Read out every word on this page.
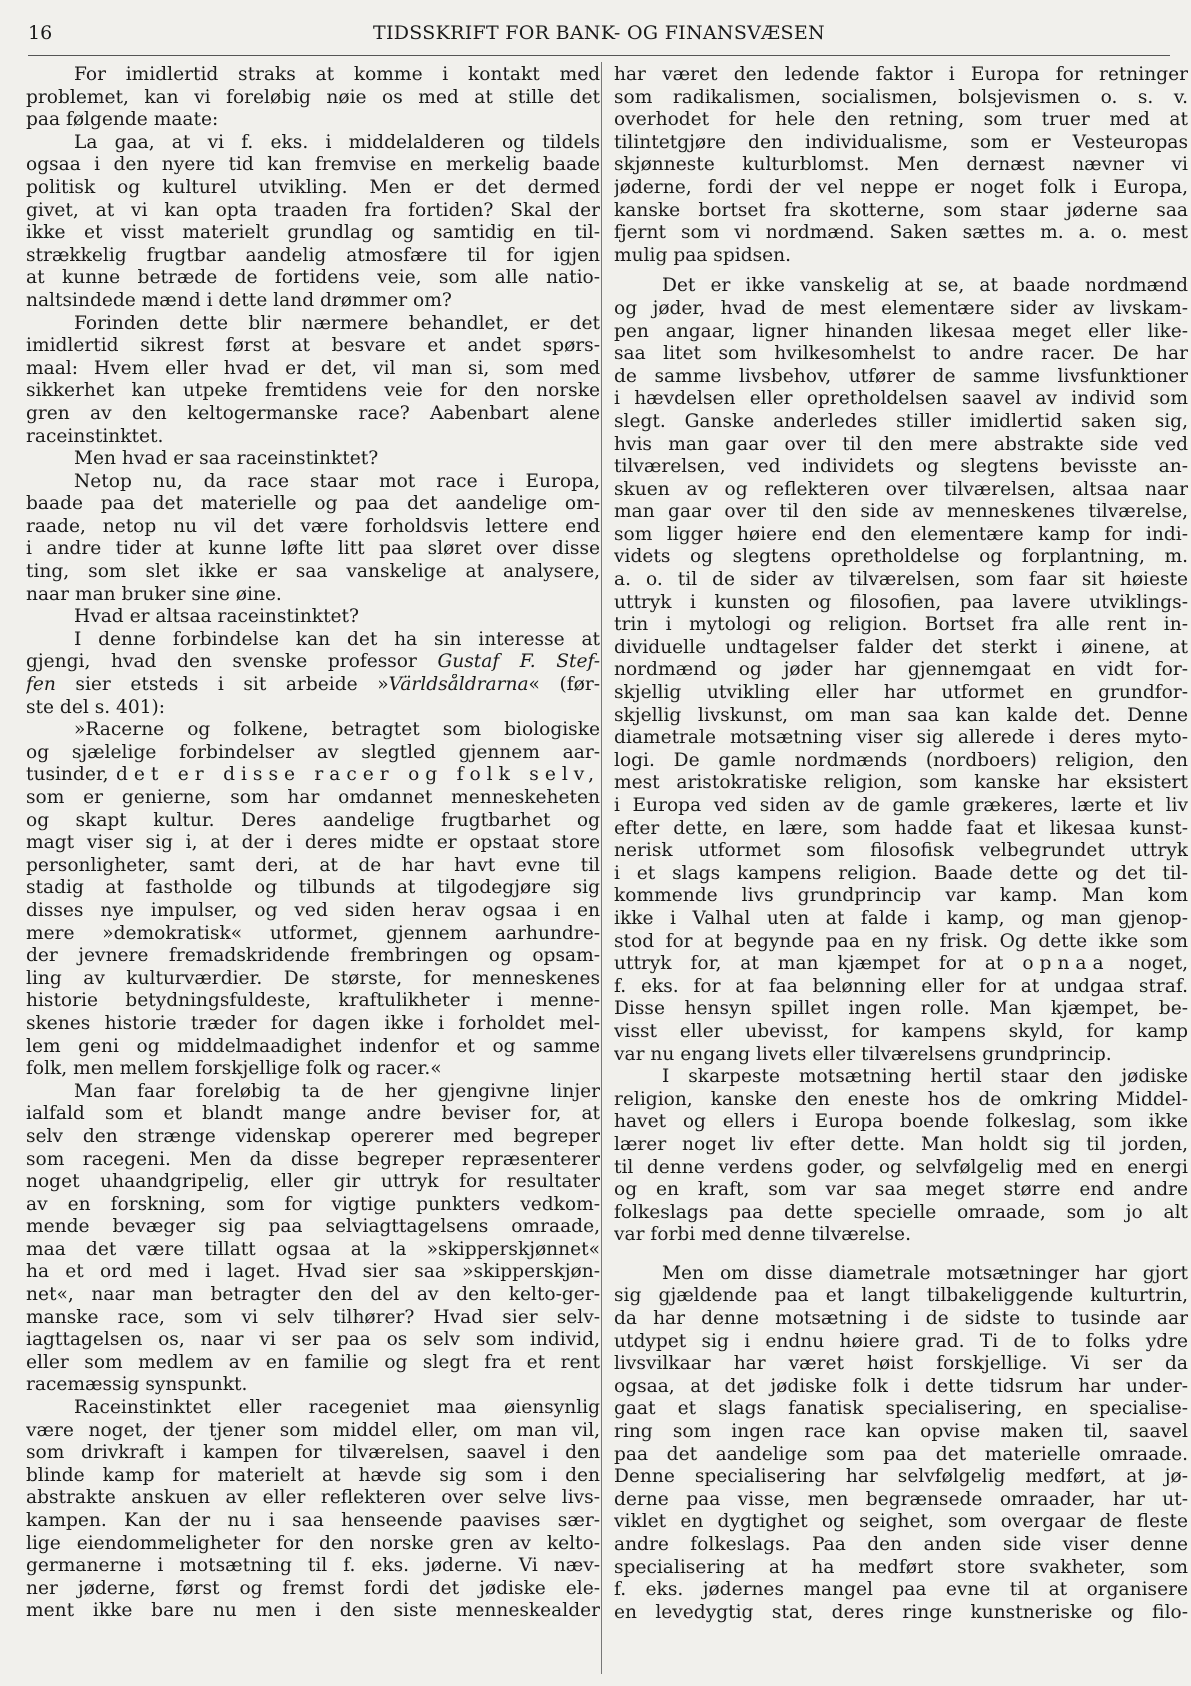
16	TIDSSKRIFT FOR BANK- OG FINANSVÆSEN
For imidlertid straks at komme i kontakt med
problemet, kan vi foreløbig nøie os med at stille det
paa følgende maate:
La gaa, at vi f. eks. i middelalderen og tildels
ogsaa i den nyere tid kan fremvise en merkelig baade
politisk og kulturel utvikling. Men er det dermed
givet, at vi kan opta traaden fra fortiden? Skal der
ikke et visst materielt grundlag og samtidig en til-
strækkelig frugtbar aandelig atmosfære til for igjen
at kunne betræde de fortidens veie, som alle natio-
naltsindede mænd i dette land drømmer om?
Forinden dette blir nærmere behandlet, er det
imidlertid sikrest først at besvare et andet spørs-
maal: Hvem eller hvad er det, vil man si, som med
sikkerhet kan utpeke fremtidens veie for den norske
gren av den keltogermanske race? Aabenbart alene
raceinstinktet.
Men hvad er saa raceinstinktet?
Netop nu, da race staar mot race i Europa,
baade paa det materielle og paa det aandelige om-
raade, netop nu vil det være forholdsvis lettere end
i andre tider at kunne løfte litt paa sløret over disse
ting, som slet ikke er saa vanskelige at analysere,
naar man bruker sine øine.
Hvad er altsaa raceinstinktet?
I denne forbindelse kan det ha sin interesse at
gjengi, hvad den svenske professor Gustaf F. Stef-
fen sier etsteds i sit arbeide »Världsåldrarna« (før-
ste del s. 401):
»Racerne og folkene, betragtet som biologiske
og sjælelige forbindelser av slegtled gjennem aar-
tusinder, det er disse racer og folk selv,
som er genierne, som har omdannet menneskeheten
og skapt kultur. Deres aandelige frugtbarhet og
magt viser sig i, at der i deres midte er opstaat store
personligheter, samt deri, at de har havt evne til
stadig at fastholde og tilbunds at tilgodegjøre sig
disses nye impulser, og ved siden herav ogsaa i en
mere »demokratisk« utformet, gjennem aarhundre-
der jevnere fremadskridende frembringen og opsam-
ling av kulturværdier. De største, for menneskenes
historie betydningsfuldeste, kraftulikheter i menne-
skenes historie træder for dagen ikke i forholdet mel-
lem geni og middelmaadighet indenfor et og samme
folk, men mellem forskjellige folk og racer.«
Man faar foreløbig ta de her gjengivne linjer
ialfald som et blandt mange andre beviser for, at
selv den strænge videnskap opererer med begreper
som racegeni. Men da disse begreper repræsenterer
noget uhaandgripelig, eller gir uttryk for resultater
av en forskning, som for vigtige punkters vedkom-
mende bevæger sig paa selviagttagelsens omraade,
maa det være tillatt ogsaa at la »skipperskjønnet«
ha et ord med i laget. Hvad sier saa »skipperskjøn-
net«, naar man betragter den del av den kelto-ger-
manske race, som vi selv tilhører? Hvad sier selv-
iagttagelsen os, naar vi ser paa os selv som individ,
eller som medlem av en familie og slegt fra et rent
racemæssig synspunkt.
Raceinstinktet eller racegeniet maa øiensynlig
være noget, der tjener som middel eller, om man vil,
som drivkraft i kampen for tilværelsen, saavel i den
blinde kamp for materielt at hævde sig som i den
abstrakte anskuen av eller reflekteren over selve livs-
kampen. Kan der nu i saa henseende paavises sær-
lige eiendommeligheter for den norske gren av kelto-
germanerne i motsætning til f. eks. jøderne. Vi næv-
ner jøderne, først og fremst fordi det jødiske ele-
ment ikke bare nu men i den siste menneskealder
har været den ledende faktor i Europa for retninger
som radikalismen, socialismen, bolsjevismen o. s. v.
overhodet for hele den retning, som truer med at
tilintetgjøre den individualisme, som er Vesteuropas
skjønneste kulturblomst. Men dernæst nævner vi
jøderne, fordi der vel neppe er noget folk i Europa,
kanske bortset fra skotterne, som staar jøderne saa
fjernt som vi nordmænd. Saken sættes m. a. o. mest
mulig paa spidsen.
Det er ikke vanskelig at se, at baade nordmænd
og jøder, hvad de mest elementære sider av livskam-
pen angaar, ligner hinanden likesaa meget eller like-
saa litet som hvilkesomhelst to andre racer. De har
de samme livsbehov, utfører de samme livsfunktioner
i hævdelsen eller opretholdelsen saavel av individ som
slegt. Ganske anderledes stiller imidlertid saken sig,
hvis man gaar over til den mere abstrakte side ved
tilværelsen, ved individets og slegtens bevisste an-
skuen av og reflekteren over tilværelsen, altsaa naar
man gaar over til den side av menneskenes tilværelse,
som ligger høiere end den elementære kamp for indi-
videts og slegtens opretholdelse og forplantning, m.
a. o. til de sider av tilværelsen, som faar sit høieste
uttryk i kunsten og filosofien, paa lavere utviklings-
trin i mytologi og religion. Bortset fra alle rent in-
dividuelle undtagelser falder det sterkt i øinene, at
nordmænd og jøder har gjennemgaat en vidt for-
skjellig utvikling eller har utformet en grundfor-
skjellig livskunst, om man saa kan kalde det. Denne
diametrale motsætning viser sig allerede i deres myto-
logi. De gamle nordmænds (nordboers) religion, den
mest aristokratiske religion, som kanske har eksistert
i Europa ved siden av de gamle grækeres, lærte et liv
efter dette, en lære, som hadde faat et likesaa kunst-
nerisk utformet som filosofisk velbegrundet uttryk
i et slags kampens religion. Baade dette og det til-
kommende livs grundprincip var kamp. Man kom
ikke i Valhal uten at falde i kamp, og man gjenop-
stod for at begynde paa en ny frisk. Og dette ikke som
uttryk for, at man kjæmpet for at opnaa noget,
f. eks. for at faa belønning eller for at undgaa straf.
Disse hensyn spillet ingen rolle. Man kjæmpet, be-
visst eller ubevisst, for kampens skyld, for kamp
var nu engang livets eller tilværelsens grundprincip.
I skarpeste motsætning hertil staar den jødiske
religion, kanske den eneste hos de omkring Middel-
havet og ellers i Europa boende folkeslag, som ikke
lærer noget liv efter dette. Man holdt sig til jorden,
til denne verdens goder, og selvfølgelig med en energi
og en kraft, som var saa meget større end andre
folkeslags paa dette specielle omraade, som jo alt
var forbi med denne tilværelse.
Men om disse diametrale motsætninger har gjort
sig gjældende paa et langt tilbakeliggende kulturtrin,
da har denne motsætning i de sidste to tusinde aar
utdypet sig i endnu høiere grad. Ti de to folks ydre
livsvilkaar har været høist forskjellige. Vi ser da
ogsaa, at det jødiske folk i dette tidsrum har under-
gaat et slags fanatisk specialisering, en specialise-
ring som ingen race kan opvise maken til, saavel
paa det aandelige som paa det materielle omraade.
Denne specialisering har selvfølgelig medført, at jø-
derne paa visse, men begrænsede omraader, har ut-
viklet en dygtighet og seighet, som overgaar de fleste
andre folkeslags. Paa den anden side viser denne
specialisering at ha medført store svakheter, som
f. eks. jødernes mangel paa evne til at organisere
en levedygtig stat, deres ringe kunstneriske og filo-
